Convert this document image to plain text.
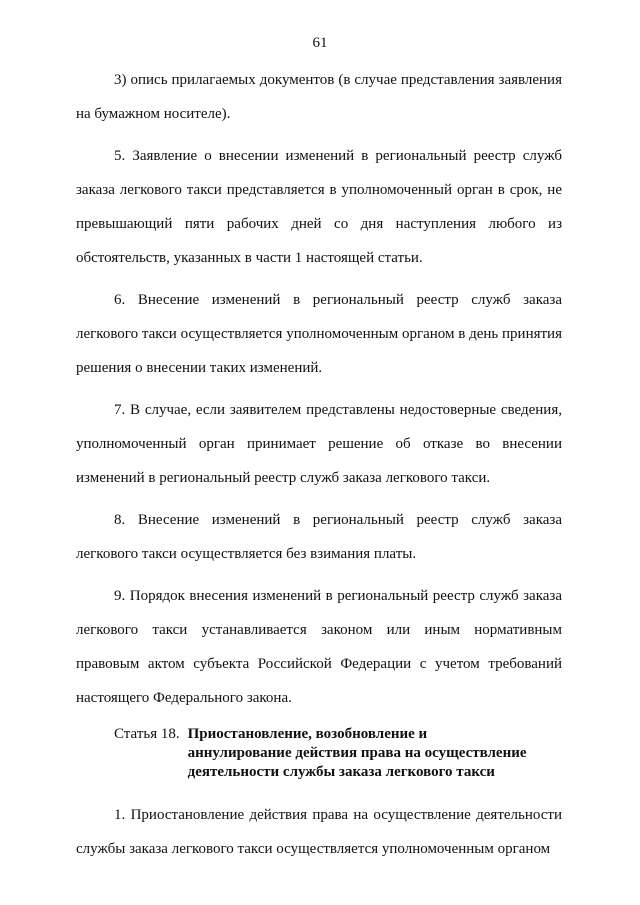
61

3) опись прилагаемых документов (в случае представления заявления на бумажном носителе).

5. Заявление о внесении изменений в региональный реестр служб заказа легкового такси представляется в уполномоченный орган в срок, не превышающий пяти рабочих дней со дня наступления любого из обстоятельств, указанных в части 1 настоящей статьи.

6. Внесение изменений в региональный реестр служб заказа легкового такси осуществляется уполномоченным органом в день принятия решения о внесении таких изменений.

7. В случае, если заявителем представлены недостоверные сведения, уполномоченный орган принимает решение об отказе во внесении изменений в региональный реестр служб заказа легкового такси.

8. Внесение изменений в региональный реестр служб заказа легкового такси осуществляется без взимания платы.

9. Порядок внесения изменений в региональный реестр служб заказа легкового такси устанавливается законом или иным нормативным правовым актом субъекта Российской Федерации с учетом требований настоящего Федерального закона.

Статья 18. Приостановление, возобновление и аннулирование действия права на осуществление деятельности службы заказа легкового такси

1. Приостановление действия права на осуществление деятельности службы заказа легкового такси осуществляется уполномоченным органом
